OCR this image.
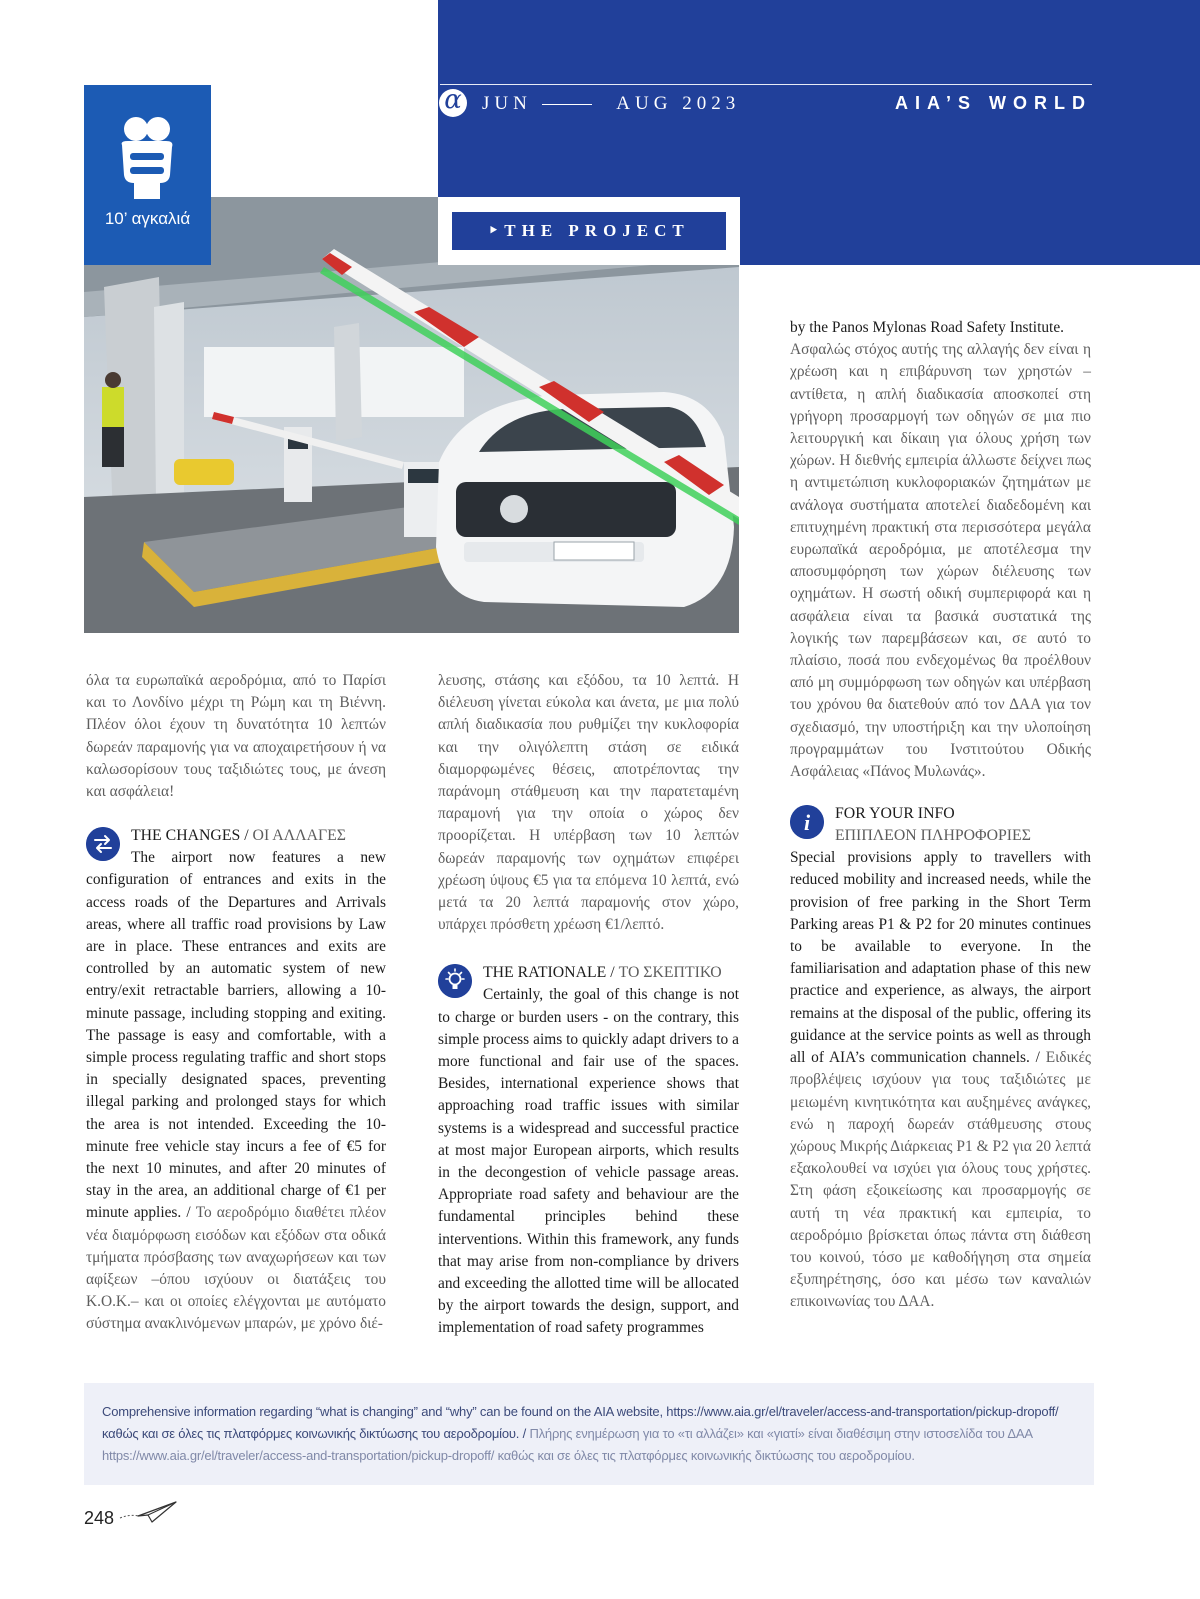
α
JUN	AUG 2023	AIA’S WORLD
10’ αγκαλιά
‣THE PROJECT

όλα τα ευρωπαϊκά αεροδρόμια, από το Παρίσι και το Λονδίνο μέχρι τη Ρώμη και τη Βιέννη. Πλέον όλοι έχουν τη δυνατότητα 10 λεπτών δωρεάν παραμονής για να αποχαιρετήσουν ή να καλωσορίσουν τους ταξιδιώτες τους, με άνεση και ασφάλεια!

THE CHANGES / ΟΙ ΑΛΛΑΓΕΣ

The airport now features a new configuration of entrances and exits in the access roads of the Departures and Arrivals areas, where all traffic road provisions by Law are in place. These entrances and exits are controlled by an automatic system of new entry/exit retractable barriers, allowing a 10-minute passage, including stopping and exiting. The passage is easy and comfortable, with a simple process regulating traffic and short stops in specially designated spaces, preventing illegal parking and prolonged stays for which the area is not intended. Exceeding the 10-minute free vehicle stay incurs a fee of €5 for the next 10 minutes, and after 20 minutes of stay in the area, an additional charge of €1 per minute applies. / Το αεροδρόμιο διαθέτει πλέον νέα διαμόρφωση εισόδων και εξόδων στα οδικά τμήματα πρόσβασης των αναχωρήσεων και των αφίξεων –όπου ισχύουν οι διατάξεις του Κ.Ο.Κ.– και οι οποίες ελέγχονται με αυτόματο σύστημα ανακλινόμενων μπαρών, με χρόνο διέ-

λευσης, στάσης και εξόδου, τα 10 λεπτά. Η διέλευση γίνεται εύκολα και άνετα, με μια πολύ απλή διαδικασία που ρυθμίζει την κυκλοφορία και την ολιγόλεπτη στάση σε ειδικά διαμορφωμένες θέσεις, αποτρέποντας την παράνομη στάθμευση και την παρατεταμένη παραμονή για την οποία ο χώρος δεν προορίζεται. Η υπέρβαση των 10 λεπτών δωρεάν παραμονής των οχημάτων επιφέρει χρέωση ύψους €5 για τα επόμενα 10 λεπτά, ενώ μετά τα 20 λεπτά παραμονής στον χώρο, υπάρχει πρόσθετη χρέωση €1/λεπτό.

THE RATIONALE / ΤΟ ΣΚΕΠΤΙΚΟ

Certainly, the goal of this change is not to charge or burden users - on the contrary, this simple process aims to quickly adapt drivers to a more functional and fair use of the spaces. Besides, international experience shows that approaching road traffic issues with similar systems is a widespread and successful practice at most major European airports, which results in the decongestion of vehicle passage areas. Appropriate road safety and behaviour are the fundamental principles behind these interventions. Within this framework, any funds that may arise from non-compliance by drivers and exceeding the allotted time will be allocated by the airport towards the design, support, and implementation of road safety programmes

by the Panos Mylonas Road Safety Institute.

Ασφαλώς στόχος αυτής της αλλαγής δεν είναι η χρέωση και η επιβάρυνση των χρηστών – αντίθετα, η απλή διαδικασία αποσκοπεί στη γρήγορη προσαρμογή των οδηγών σε μια πιο λειτουργική και δίκαιη για όλους χρήση των χώρων. Η διεθνής εμπειρία άλλωστε δείχνει πως η αντιμετώπιση κυκλοφοριακών ζητημάτων με ανάλογα συστήματα αποτελεί διαδεδομένη και επιτυχημένη πρακτική στα περισσότερα μεγάλα ευρωπαϊκά αεροδρόμια, με αποτέλεσμα την αποσυμφόρηση των χώρων διέλευσης των οχημάτων. Η σωστή οδική συμπεριφορά και η ασφάλεια είναι τα βασικά συστατικά της λογικής των παρεμβάσεων και, σε αυτό το πλαίσιο, ποσά που ενδεχομένως θα προέλθουν από μη συμμόρφωση των οδηγών και υπέρβαση του χρόνου θα διατεθούν από τον ΔΑΑ για τον σχεδιασμό, την υποστήριξη και την υλοποίηση προγραμμάτων του Ινστιτούτου Οδικής Ασφάλειας «Πάνος Μυλωνάς».

i FOR YOUR INFO
ΕΠΙΠΛΕΟΝ ΠΛΗΡΟΦΟΡΙΕΣ

Special provisions apply to travellers with reduced mobility and increased needs, while the provision of free parking in the Short Term Parking areas P1 & P2 for 20 minutes continues to be available to everyone. In the familiarisation and adaptation phase of this new practice and experience, as always, the airport remains at the disposal of the public, offering its guidance at the service points as well as through all of AIA’s communication channels. / Ειδικές προβλέψεις ισχύουν για τους ταξιδιώτες με μειωμένη κινητικότητα και αυξημένες ανάγκες, ενώ η παροχή δωρεάν στάθμευσης στους χώρους Μικρής Διάρκειας P1 & P2 για 20 λεπτά εξακολουθεί να ισχύει για όλους τους χρήστες. Στη φάση εξοικείωσης και προσαρμογής σε αυτή τη νέα πρακτική και εμπειρία, το αεροδρόμιο βρίσκεται όπως πάντα στη διάθεση του κοινού, τόσο με καθοδήγηση στα σημεία εξυπηρέτησης, όσο και μέσω των καναλιών επικοινωνίας του ΔΑΑ.

Comprehensive information regarding “what is changing” and “why” can be found on the AIA website, https://www.aia.gr/el/traveler/access-and-transportation/pickup-dropoff/ καθώς και σε όλες τις πλατφόρμες κοινωνικής δικτύωσης του αεροδρομίου. / Πλήρης ενημέρωση για το «τι αλλάζει» και «γιατί» είναι διαθέσιμη στην ιστοσελίδα του ΔΑΑ https://www.aia.gr/el/traveler/access-and-transportation/pickup-dropoff/ καθώς και σε όλες τις πλατφόρμες κοινωνικής δικτύωσης του αεροδρομίου.
248
